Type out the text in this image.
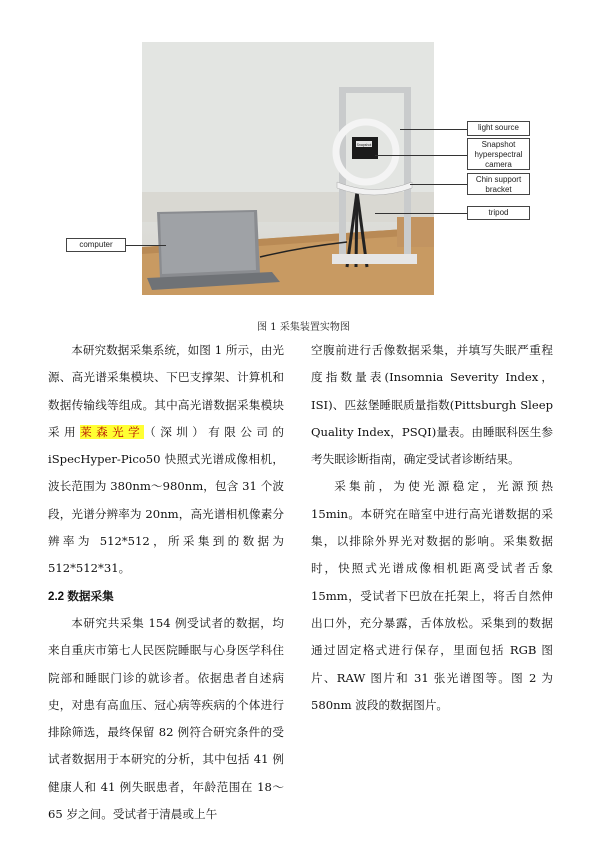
Snapshot
light source
Snapshot hyperspectral camera
Chin support bracket
tripod
computer
图 1 采集装置实物图

本研究数据采集系统，如图 1 所示，由光源、高光谱采集模块、下巴支撑架、计算机和数据传输线等组成。其中高光谱数据采集模块采用莱森光学（深圳）有限公司的 iSpecHyper-Pico50 快照式光谱成像相机，波长范围为 380nm～980nm，包含 31 个波段，光谱分辨率为 20nm，高光谱相机像素分辨率为 512*512，所采集到的数据为 512*512*31。

2.2 数据采集

本研究共采集 154 例受试者的数据，均来自重庆市第七人民医院睡眠与心身医学科住院部和睡眠门诊的就诊者。依据患者自述病史，对患有高血压、冠心病等疾病的个体进行排除筛选，最终保留 82 例符合研究条件的受试者数据用于本研究的分析，其中包括 41 例健康人和 41 例失眠患者，年龄范围在 18～65 岁之间。受试者于清晨或上午

空腹前进行舌像数据采集，并填写失眠严重程度指数量表(Insomnia Severity Index，ISI)、匹兹堡睡眠质量指数(Pittsburgh Sleep Quality Index，PSQI)量表。由睡眠科医生参考失眠诊断指南，确定受试者诊断结果。

采集前，为使光源稳定，光源预热 15min。本研究在暗室中进行高光谱数据的采集，以排除外界光对数据的影响。采集数据时，快照式光谱成像相机距离受试者舌象 15mm，受试者下巴放在托架上，将舌自然伸出口外，充分暴露，舌体放松。采集到的数据通过固定格式进行保存，里面包括 RGB 图片、RAW 图片和 31 张光谱图等。图 2 为 580nm 波段的数据图片。
